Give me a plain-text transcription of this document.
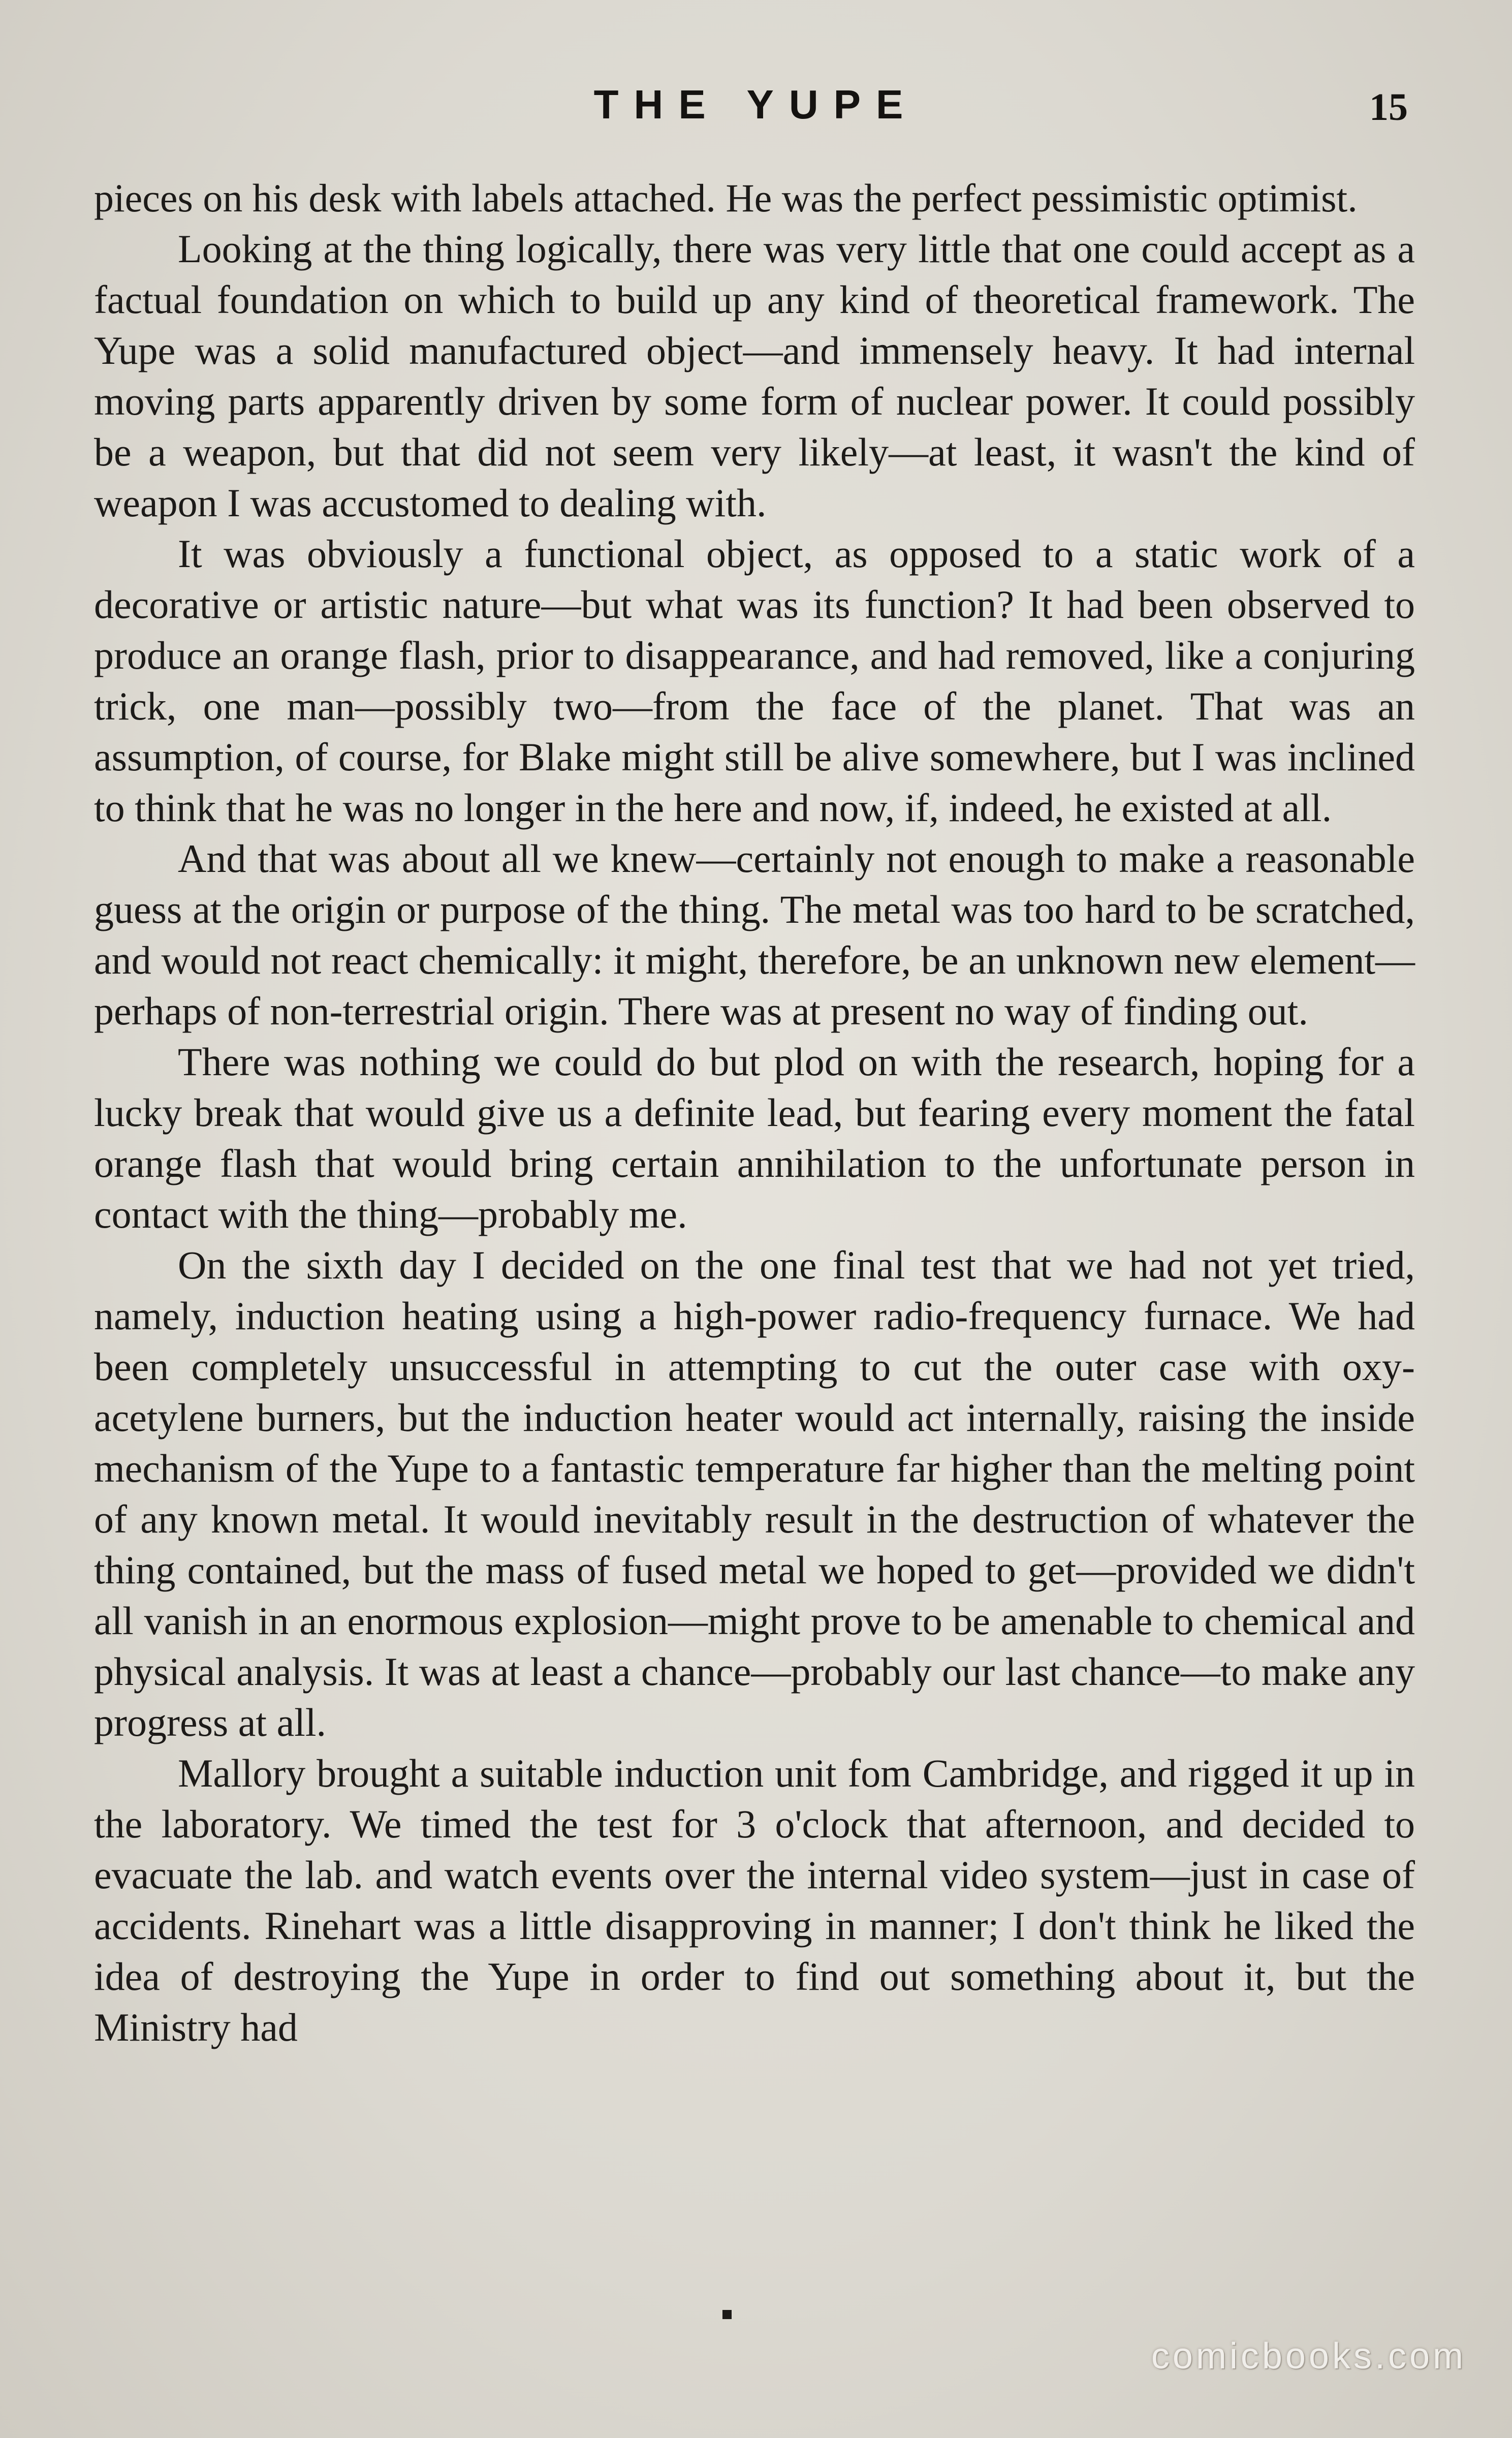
THE YUPE	15

pieces on his desk with labels attached. He was the perfect pessimistic optimist.

Looking at the thing logically, there was very little that one could accept as a factual foundation on which to build up any kind of theoretical framework. The Yupe was a solid manufactured object—and immensely heavy. It had internal moving parts apparently driven by some form of nuclear power. It could possibly be a weapon, but that did not seem very likely—at least, it wasn't the kind of weapon I was accustomed to dealing with.

It was obviously a functional object, as opposed to a static work of a decorative or artistic nature—but what was its function? It had been observed to produce an orange flash, prior to disappearance, and had removed, like a conjuring trick, one man—possibly two—from the face of the planet. That was an assumption, of course, for Blake might still be alive somewhere, but I was inclined to think that he was no longer in the here and now, if, indeed, he existed at all.

And that was about all we knew—certainly not enough to make a reasonable guess at the origin or purpose of the thing. The metal was too hard to be scratched, and would not react chemically: it might, therefore, be an unknown new element—perhaps of non-terrestrial origin. There was at present no way of finding out.

There was nothing we could do but plod on with the research, hoping for a lucky break that would give us a definite lead, but fearing every moment the fatal orange flash that would bring certain annihilation to the unfortunate person in contact with the thing—probably me.

On the sixth day I decided on the one final test that we had not yet tried, namely, induction heating using a high-power radio-frequency furnace. We had been completely unsuccessful in attempting to cut the outer case with oxy-acetylene burners, but the induction heater would act internally, raising the inside mechanism of the Yupe to a fantastic temperature far higher than the melting point of any known metal. It would inevitably result in the destruction of whatever the thing contained, but the mass of fused metal we hoped to get—provided we didn't all vanish in an enormous explosion—might prove to be amenable to chemical and physical analysis. It was at least a chance—probably our last chance—to make any progress at all.

Mallory brought a suitable induction unit fom Cambridge, and rigged it up in the laboratory. We timed the test for 3 o'clock that afternoon, and decided to evacuate the lab. and watch events over the internal video system—just in case of accidents. Rinehart was a little disapproving in manner; I don't think he liked the idea of destroying the Yupe in order to find out something about it, but the Ministry had

comicbooks.com
